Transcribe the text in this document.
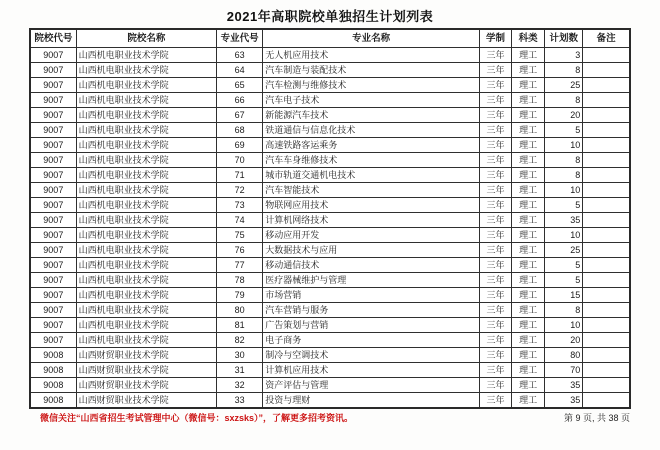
2021年高职院校单独招生计划列表
院校代号	院校名称	专业代号	专业名称	学制	科类	计划数	备注
9007	山西机电职业技术学院	63	无人机应用技术	三年	理工	3	
9007	山西机电职业技术学院	64	汽车制造与装配技术	三年	理工	8	
9007	山西机电职业技术学院	65	汽车检测与维修技术	三年	理工	25	
9007	山西机电职业技术学院	66	汽车电子技术	三年	理工	8	
9007	山西机电职业技术学院	67	新能源汽车技术	三年	理工	20	
9007	山西机电职业技术学院	68	铁道通信与信息化技术	三年	理工	5	
9007	山西机电职业技术学院	69	高速铁路客运乘务	三年	理工	10	
9007	山西机电职业技术学院	70	汽车车身维修技术	三年	理工	8	
9007	山西机电职业技术学院	71	城市轨道交通机电技术	三年	理工	8	
9007	山西机电职业技术学院	72	汽车智能技术	三年	理工	10	
9007	山西机电职业技术学院	73	物联网应用技术	三年	理工	5	
9007	山西机电职业技术学院	74	计算机网络技术	三年	理工	35	
9007	山西机电职业技术学院	75	移动应用开发	三年	理工	10	
9007	山西机电职业技术学院	76	大数据技术与应用	三年	理工	25	
9007	山西机电职业技术学院	77	移动通信技术	三年	理工	5	
9007	山西机电职业技术学院	78	医疗器械维护与管理	三年	理工	5	
9007	山西机电职业技术学院	79	市场营销	三年	理工	15	
9007	山西机电职业技术学院	80	汽车营销与服务	三年	理工	8	
9007	山西机电职业技术学院	81	广告策划与营销	三年	理工	10	
9007	山西机电职业技术学院	82	电子商务	三年	理工	20	
9008	山西财贸职业技术学院	30	制冷与空调技术	三年	理工	80	
9008	山西财贸职业技术学院	31	计算机应用技术	三年	理工	70	
9008	山西财贸职业技术学院	32	资产评估与管理	三年	理工	35	
9008	山西财贸职业技术学院	33	投资与理财	三年	理工	35	
微信关注“山西省招生考试管理中心（微信号：sxzsks）”，了解更多招考资讯。	第 9 页, 共 38 页
